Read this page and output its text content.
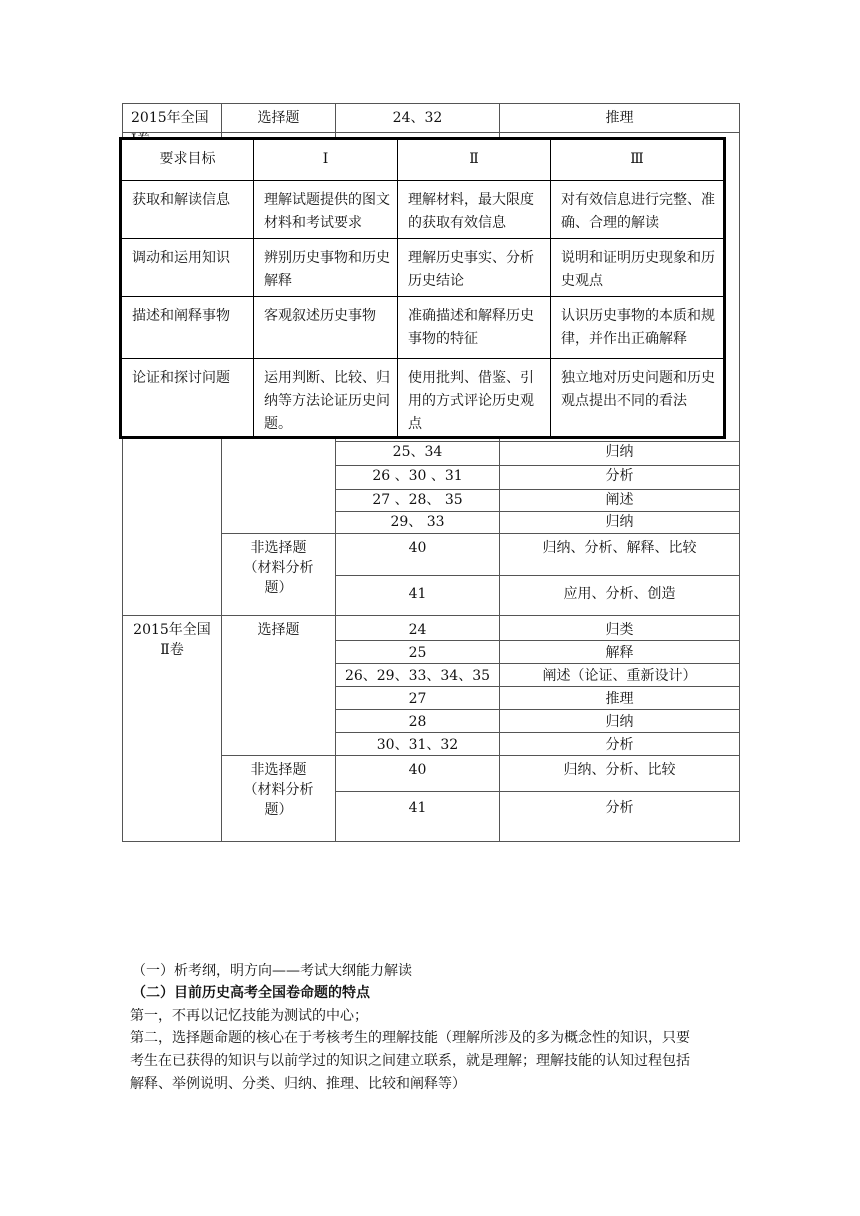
2015年全国	选择题	24、32	推理

		25、34	归纳
		26 、30 、31	分析
		27 、28、 35	阐述
		29、 33	归纳

	非选择题
（材料分析
题）	40	归纳、分析、解释、比较
		41	应用、分析、创造

2015年全国
Ⅱ卷	选择题	24	归类
		25	解释
		26、29、33、34、35	阐述（论证、重新设计）
		27	推理
		28	归纳
		30、31、32	分析

	非选择题
（材料分析
题）	40	归纳、分析、比较
		41	分析
要求目标	Ⅰ	Ⅱ	Ⅲ
获取和解读信息	理解试题提供的图文材料和考试要求	理解材料，最大限度的获取有效信息	对有效信息进行完整、准确、合理的解读
调动和运用知识	辨别历史事物和历史解释	理解历史事实、分析历史结论	说明和证明历史现象和历史观点
描述和阐释事物	客观叙述历史事物	准确描述和解释历史事物的特征	认识历史事物的本质和规律，并作出正确解释
论证和探讨问题	运用判断、比较、归纳等方法论证历史问题。	使用批判、借鉴、引用的方式评论历史观点	独立地对历史问题和历史观点提出不同的看法
（一）析考纲，明方向——考试大纲能力解读
（二）目前历史高考全国卷命题的特点
第一，不再以记忆技能为测试的中心；
第二，选择题命题的核心在于考核考生的理解技能（理解所涉及的多为概念性的知识，只要
考生在已获得的知识与以前学过的知识之间建立联系，就是理解；理解技能的认知过程包括
解释、举例说明、分类、归纳、推理、比较和阐释等）
